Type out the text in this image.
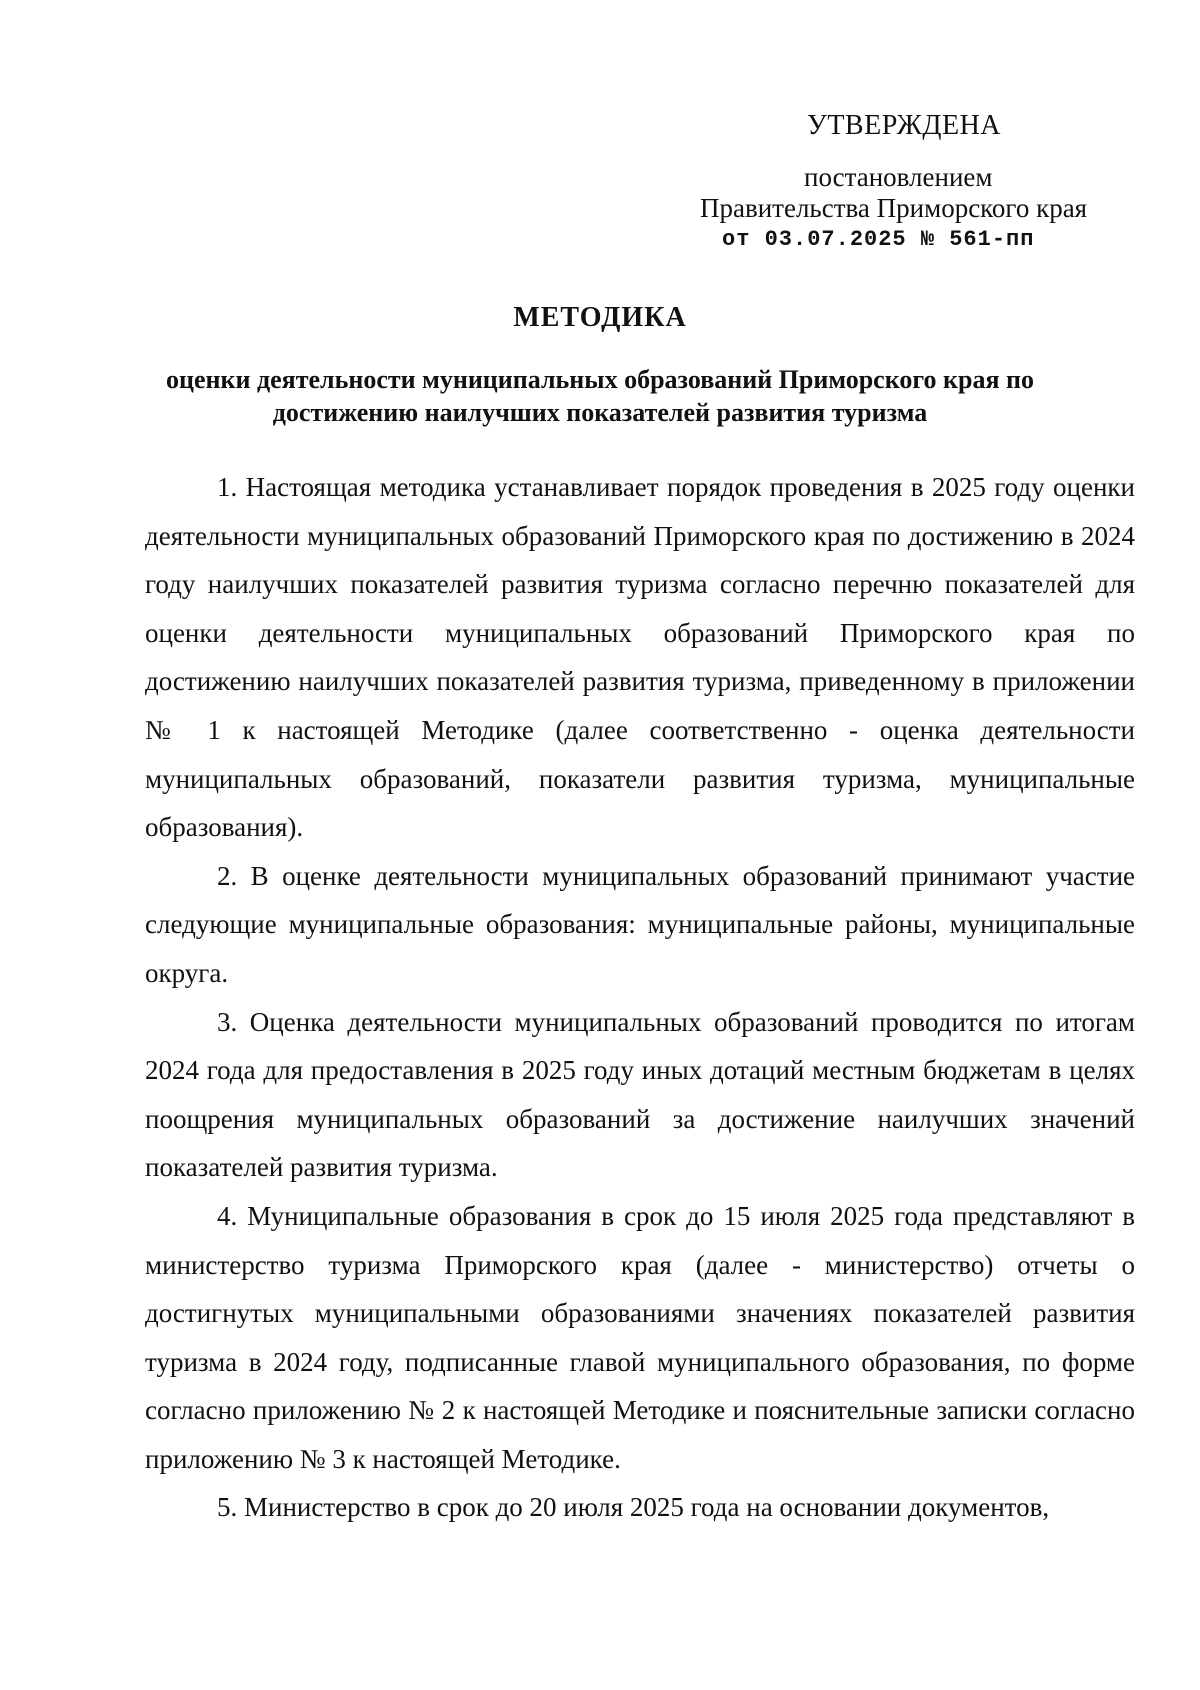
УТВЕРЖДЕНА
постановлением
Правительства Приморского края
от 03.07.2025 № 561-пп
МЕТОДИКА
оценки деятельности муниципальных образований Приморского края по достижению наилучших показателей развития туризма

1. Настоящая методика устанавливает порядок проведения в 2025 году оценки деятельности муниципальных образований Приморского края по достижению в 2024 году наилучших показателей развития туризма согласно перечню показателей для оценки деятельности муниципальных образований Приморского края по достижению наилучших показателей развития туризма, приведенному в приложении № 1 к настоящей Методике (далее соответственно - оценка деятельности муниципальных образований, показатели развития туризма, муниципальные образования).

2. В оценке деятельности муниципальных образований принимают участие следующие муниципальные образования: муниципальные районы, муниципальные округа.

3. Оценка деятельности муниципальных образований проводится по итогам 2024 года для предоставления в 2025 году иных дотаций местным бюджетам в целях поощрения муниципальных образований за достижение наилучших значений показателей развития туризма.

4. Муниципальные образования в срок до 15 июля 2025 года представляют в министерство туризма Приморского края (далее - министерство) отчеты о достигнутых муниципальными образованиями значениях показателей развития туризма в 2024 году, подписанные главой муниципального образования, по форме согласно приложению № 2 к настоящей Методике и пояснительные записки согласно приложению № 3 к настоящей Методике.

5. Министерство в срок до 20 июля 2025 года на основании документов,
